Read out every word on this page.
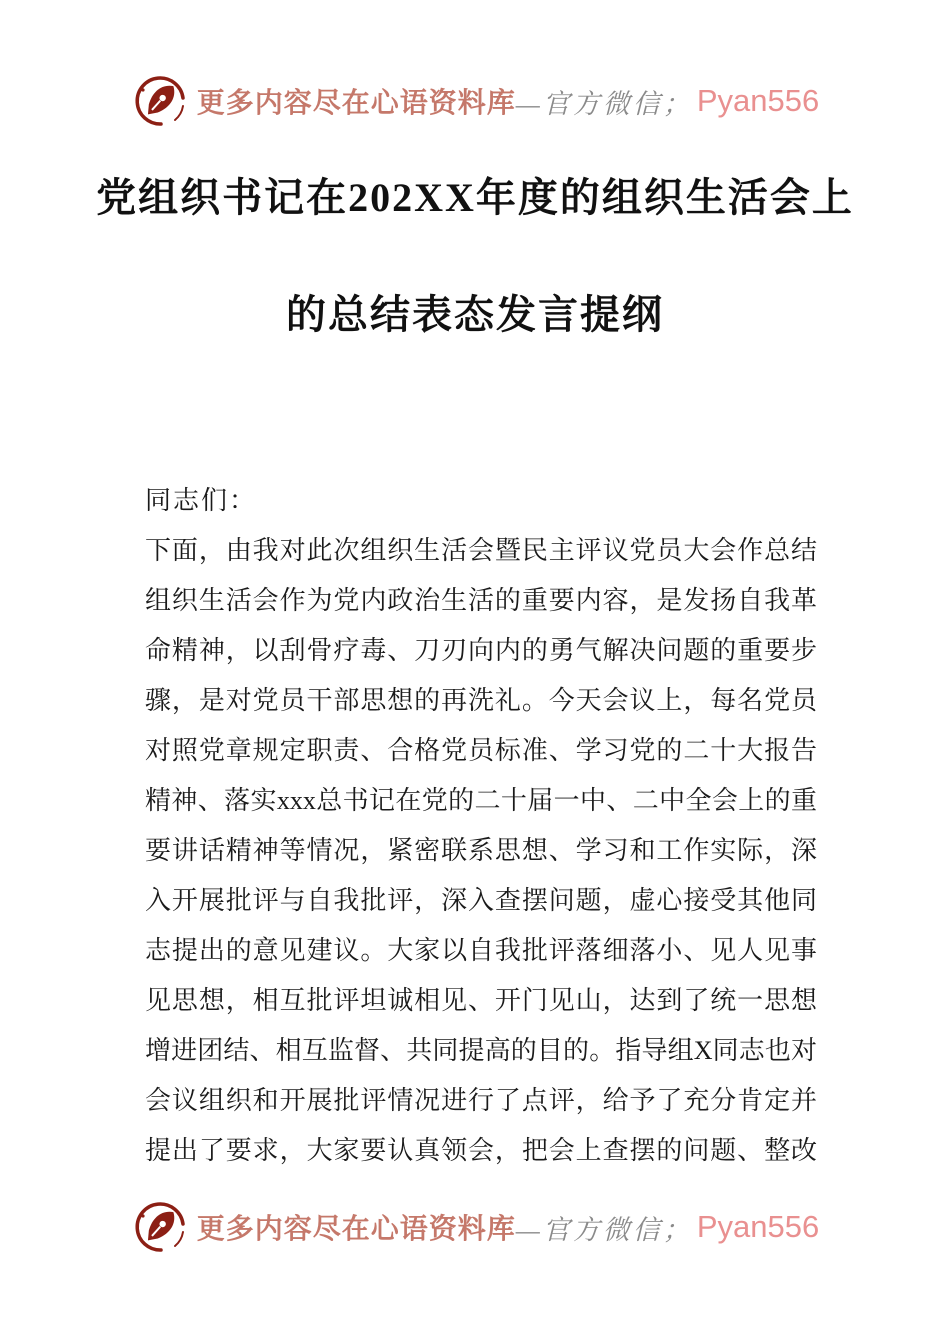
更多内容尽在心语资料库 —官方微信； Pyan556
党组织书记在202XX年度的组织生活会上
的总结表态发言提纲
同志们：
下面，由我对此次组织生活会暨民主评议党员大会作总结
组织生活会作为党内政治生活的重要内容，是发扬自我革
命精神，以刮骨疗毒、刀刃向内的勇气解决问题的重要步
骤，是对党员干部思想的再洗礼。今天会议上，每名党员
对照党章规定职责、合格党员标准、学习党的二十大报告
精神、落实xxx总书记在党的二十届一中、二中全会上的重
要讲话精神等情况，紧密联系思想、学习和工作实际，深
入开展批评与自我批评，深入查摆问题，虚心接受其他同
志提出的意见建议。大家以自我批评落细落小、见人见事
见思想，相互批评坦诚相见、开门见山，达到了统一思想
增进团结、相互监督、共同提高的目的。指导组X同志也对
会议组织和开展批评情况进行了点评，给予了充分肯定并
提出了要求，大家要认真领会，把会上查摆的问题、整改
更多内容尽在心语资料库 —官方微信； Pyan556
